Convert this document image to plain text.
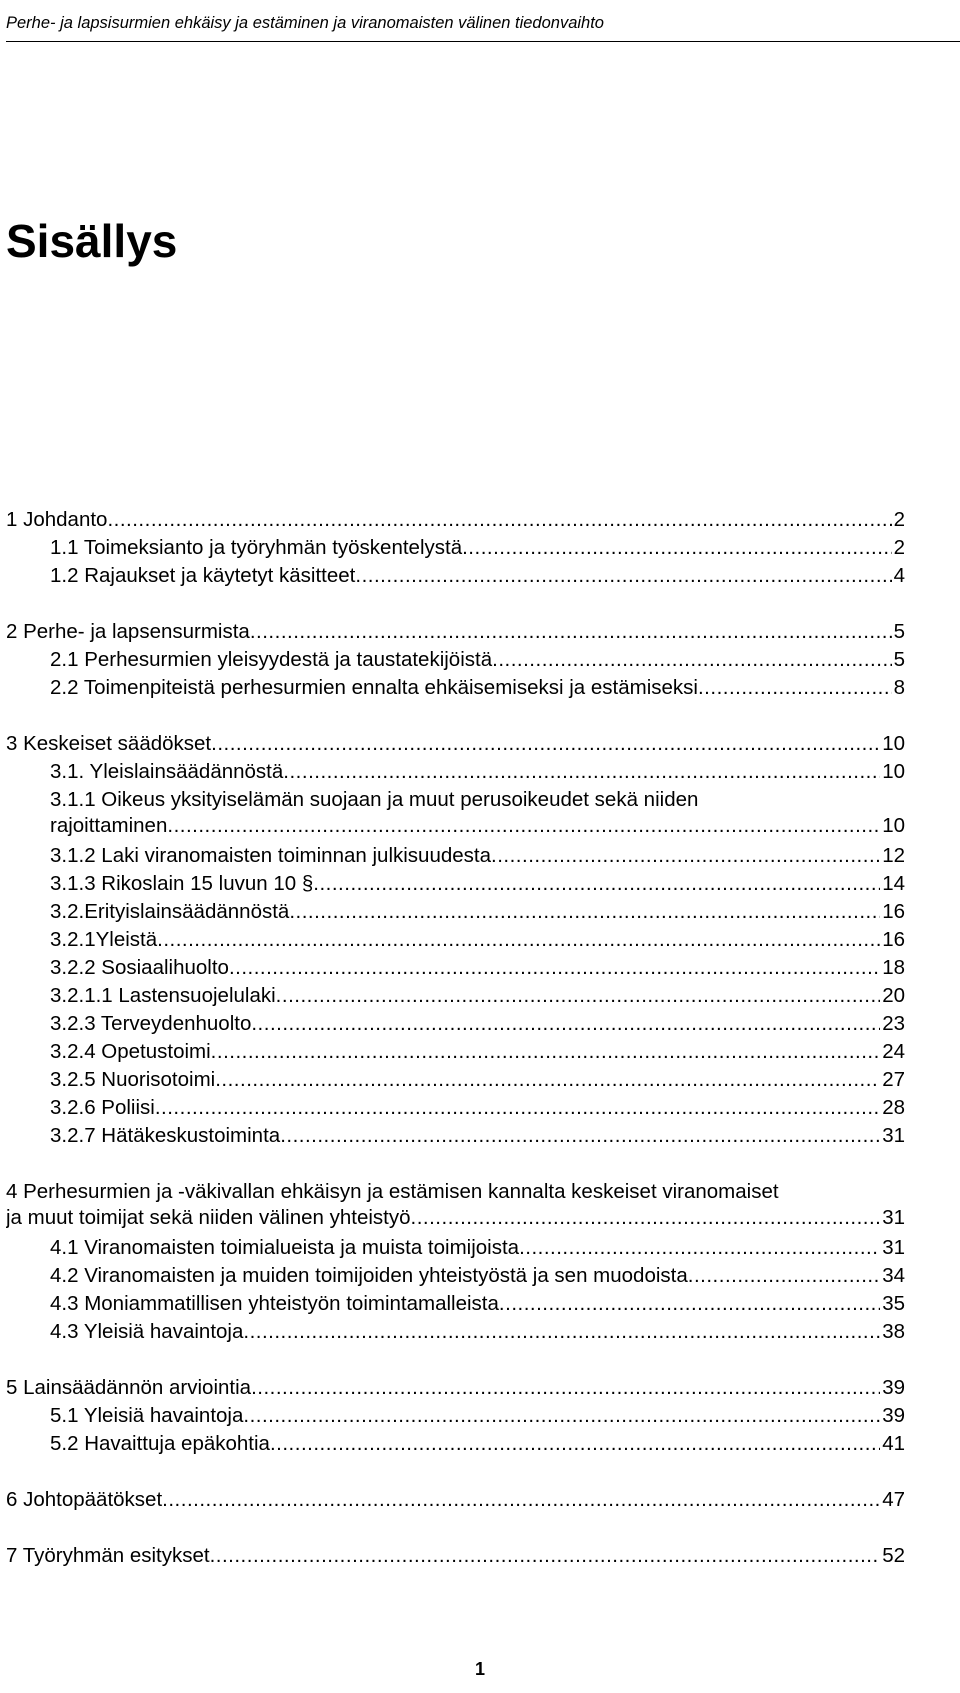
Perhe- ja lapsisurmien ehkäisy ja estäminen ja viranomaisten välinen tiedonvaihto
Sisällys
1 Johdanto .....	2
1.1 Toimeksianto ja työryhmän työskentelystä .....	2
1.2 Rajaukset ja käytetyt käsitteet .....	4
2 Perhe- ja lapsensurmista .....	5
2.1 Perhesurmien yleisyydestä ja taustatekijöistä .....	5
2.2 Toimenpiteistä perhesurmien ennalta ehkäisemiseksi ja estämiseksi .....	8
3 Keskeiset säädökset .....	10
3.1. Yleislainsäädännöstä .....	10
3.1.1 Oikeus yksityiselämän suojaan ja muut perusoikeudet sekä niiden
rajoittaminen .....	10
3.1.2 Laki viranomaisten toiminnan julkisuudesta .....	12
3.1.3 Rikoslain 15 luvun 10 § .....	14
3.2.Erityislainsäädännöstä .....	16
3.2.1Yleistä .....	16
3.2.2 Sosiaalihuolto .....	18
3.2.1.1 Lastensuojelulaki .....	20
3.2.3 Terveydenhuolto .....	23
3.2.4 Opetustoimi .....	24
3.2.5 Nuorisotoimi .....	27
3.2.6 Poliisi .....	28
3.2.7 Hätäkeskustoiminta .....	31
4 Perhesurmien ja -väkivallan ehkäisyn ja estämisen kannalta keskeiset viranomaiset
ja muut toimijat sekä niiden välinen yhteistyö .....	31
4.1 Viranomaisten toimialueista ja muista toimijoista .....	31
4.2 Viranomaisten ja muiden toimijoiden yhteistyöstä ja sen muodoista .....	34
4.3 Moniammatillisen yhteistyön toimintamalleista .....	35
4.3 Yleisiä havaintoja .....	38
5 Lainsäädännön arviointia .....	39
5.1 Yleisiä havaintoja .....	39
5.2 Havaittuja epäkohtia .....	41
6 Johtopäätökset .....	47
7 Työryhmän esitykset .....	52
1
